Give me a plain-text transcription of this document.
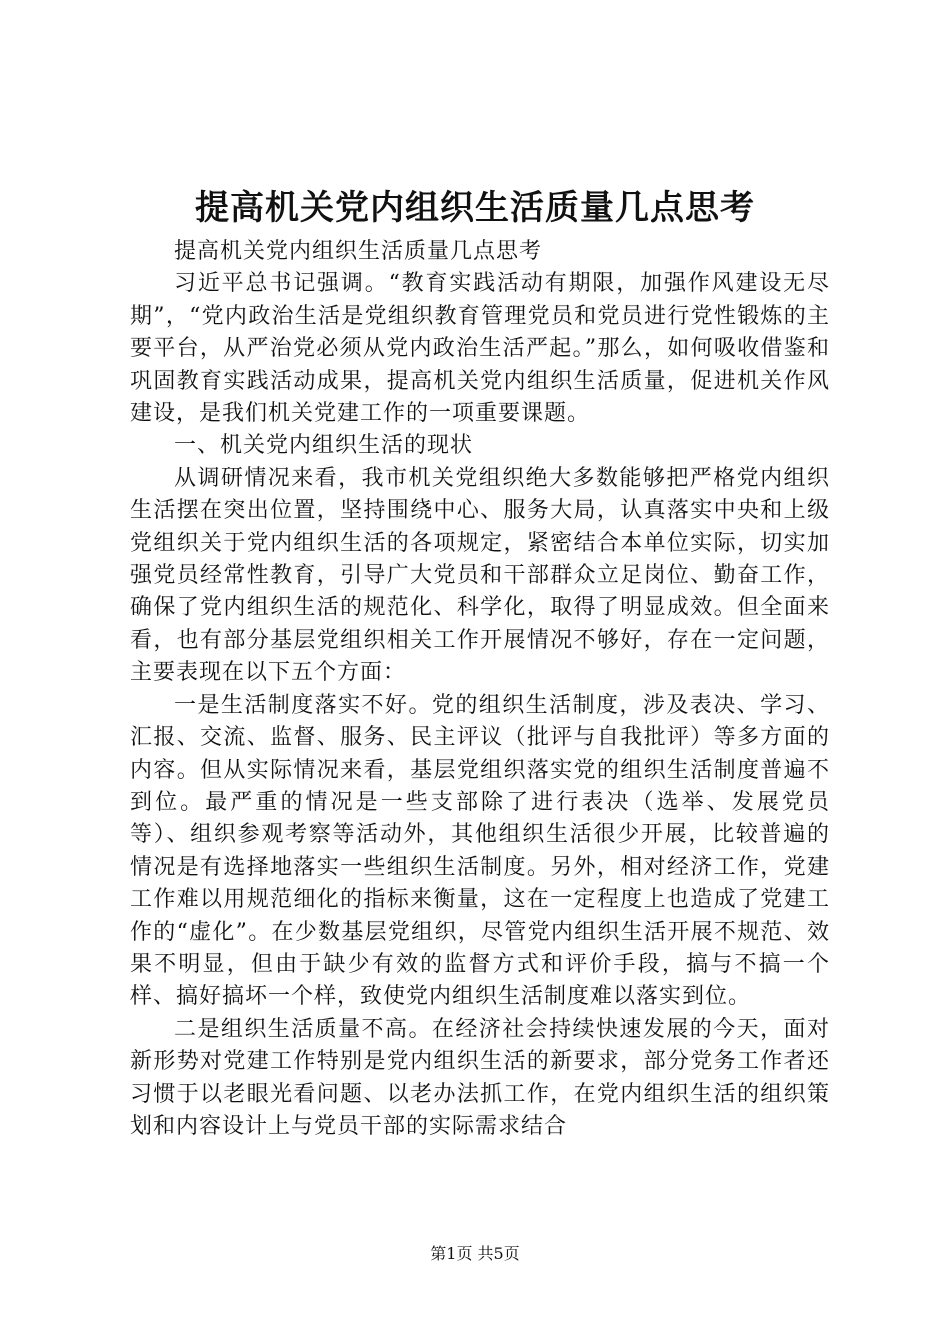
提高机关党内组织生活质量几点思考

提高机关党内组织生活质量几点思考

习近平总书记强调。“教育实践活动有期限，加强作风建设无尽期”，“党内政治生活是党组织教育管理党员和党员进行党性锻炼的主要平台，从严治党必须从党内政治生活严起。”那么，如何吸收借鉴和巩固教育实践活动成果，提高机关党内组织生活质量，促进机关作风建设，是我们机关党建工作的一项重要课题。

一、机关党内组织生活的现状

从调研情况来看，我市机关党组织绝大多数能够把严格党内组织生活摆在突出位置，坚持围绕中心、服务大局，认真落实中央和上级党组织关于党内组织生活的各项规定，紧密结合本单位实际，切实加强党员经常性教育，引导广大党员和干部群众立足岗位、勤奋工作，确保了党内组织生活的规范化、科学化，取得了明显成效。但全面来看，也有部分基层党组织相关工作开展情况不够好，存在一定问题，主要表现在以下五个方面：

一是生活制度落实不好。党的组织生活制度，涉及表决、学习、汇报、交流、监督、服务、民主评议（批评与自我批评）等多方面的内容。但从实际情况来看，基层党组织落实党的组织生活制度普遍不到位。最严重的情况是一些支部除了进行表决（选举、发展党员等）、组织参观考察等活动外，其他组织生活很少开展，比较普遍的情况是有选择地落实一些组织生活制度。另外，相对经济工作，党建工作难以用规范细化的指标来衡量，这在一定程度上也造成了党建工作的“虚化”。在少数基层党组织，尽管党内组织生活开展不规范、效果不明显，但由于缺少有效的监督方式和评价手段，搞与不搞一个样、搞好搞坏一个样，致使党内组织生活制度难以落实到位。

二是组织生活质量不高。在经济社会持续快速发展的今天，面对新形势对党建工作特别是党内组织生活的新要求，部分党务工作者还习惯于以老眼光看问题、以老办法抓工作，在党内组织生活的组织策划和内容设计上与党员干部的实际需求结合

第1页 共5页
